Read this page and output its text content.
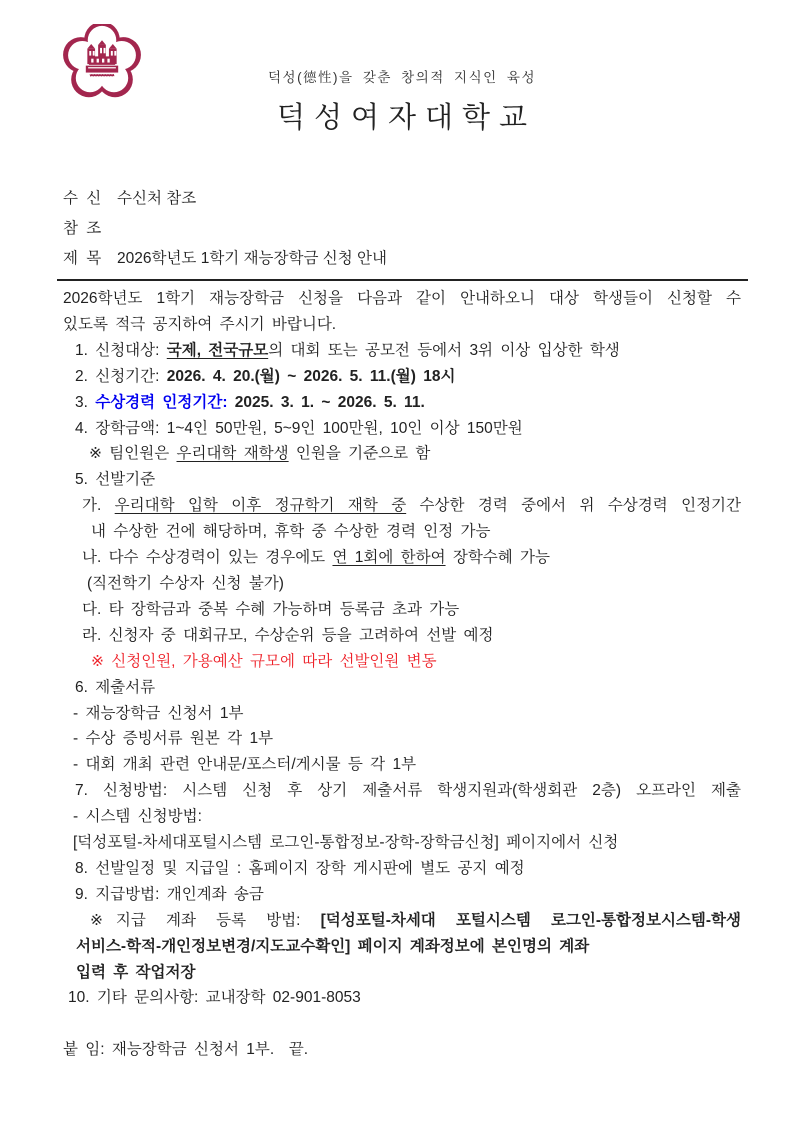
덕성(德性)을 갖춘 창의적 지식인 육성
덕성여자대학교
수 신 수신처 참조
참 조
제 목 2026학년도 1학기 재능장학금 신청 안내
2026학년도 1학기 재능장학금 신청을 다음과 같이 안내하오니 대상 학생들이 신청할 수
있도록 적극 공지하여 주시기 바랍니다.
1. 신청대상: 국제, 전국규모의 대회 또는 공모전 등에서 3위 이상 입상한 학생
2. 신청기간: 2026. 4. 20.(월) ~ 2026. 5. 11.(월) 18시
3. 수상경력 인정기간: 2025. 3. 1. ~ 2026. 5. 11.
4. 장학금액: 1~4인 50만원, 5~9인 100만원, 10인 이상 150만원
※ 팀인원은 우리대학 재학생 인원을 기준으로 함
5. 선발기준
가. 우리대학 입학 이후 정규학기 재학 중 수상한 경력 중에서 위 수상경력 인정기간
내 수상한 건에 해당하며, 휴학 중 수상한 경력 인정 가능
나. 다수 수상경력이 있는 경우에도 연 1회에 한하여 장학수혜 가능
(직전학기 수상자 신청 불가)
다. 타 장학금과 중복 수혜 가능하며 등록금 초과 가능
라. 신청자 중 대회규모, 수상순위 등을 고려하여 선발 예정
※ 신청인원, 가용예산 규모에 따라 선발인원 변동
6. 제출서류
- 재능장학금 신청서 1부
- 수상 증빙서류 원본 각 1부
- 대회 개최 관련 안내문/포스터/게시물 등 각 1부
7. 신청방법: 시스템 신청 후 상기 제출서류 학생지원과(학생회관 2층) 오프라인 제출
- 시스템 신청방법:
[덕성포털-차세대포털시스템 로그인-통합정보-장학-장학금신청] 페이지에서 신청
8. 선발일정 및 지급일 : 홈페이지 장학 게시판에 별도 공지 예정
9. 지급방법: 개인계좌 송금
※지급 계좌 등록 방법: [덕성포털-차세대 포털시스템 로그인-통합정보시스템-학생
서비스-학적-개인정보변경/지도교수확인] 페이지 계좌정보에 본인명의 계좌
입력 후 작업저장
10. 기타 문의사항: 교내장학 02-901-8053
붙 임: 재능장학금 신청서 1부.  끝.
